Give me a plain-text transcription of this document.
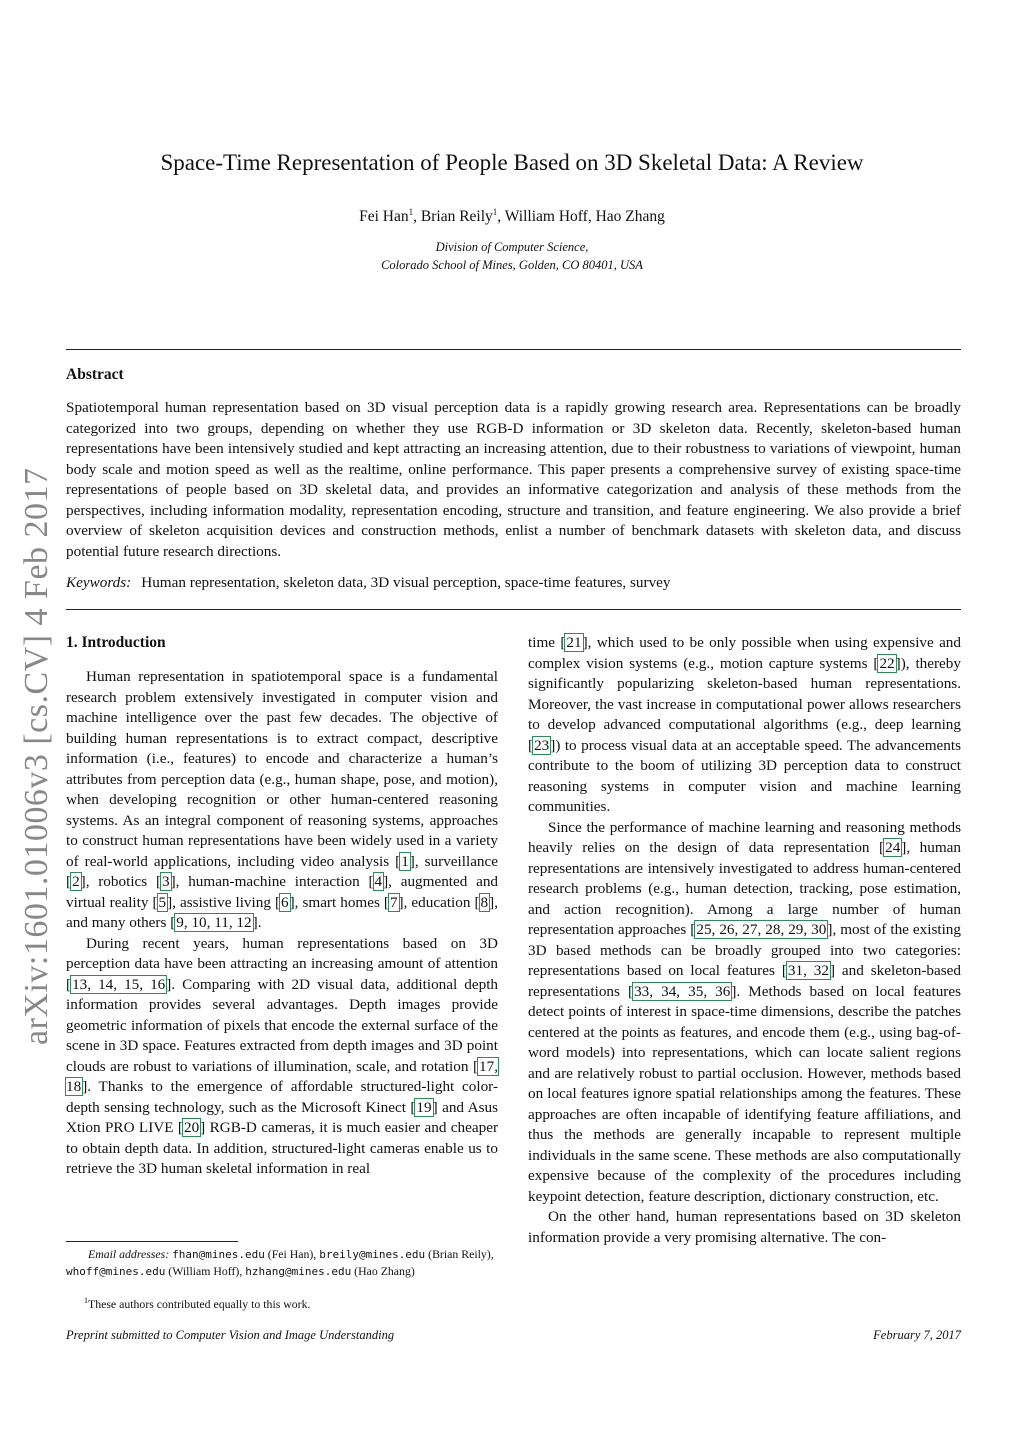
arXiv:1601.01006v3 [cs.CV] 4 Feb 2017
Space-Time Representation of People Based on 3D Skeletal Data: A Review
Fei Han$^1$, Brian Reily$^1$, William Hoff, Hao Zhang
Division of Computer Science,
Colorado School of Mines, Golden, CO 80401, USA
Abstract
Spatiotemporal human representation based on 3D visual perception data is a rapidly growing research area. Representations can be broadly categorized into two groups, depending on whether they use RGB-D information or 3D skeleton data. Recently, skeleton-based human representations have been intensively studied and kept attracting an increasing attention, due to their robustness to variations of viewpoint, human body scale and motion speed as well as the realtime, online performance. This paper presents a comprehensive survey of existing space-time representations of people based on 3D skeletal data, and provides an informative categorization and analysis of these methods from the perspectives, including information modality, representation encoding, structure and transition, and feature engineering. We also provide a brief overview of skeleton acquisition devices and construction methods, enlist a number of benchmark datasets with skeleton data, and discuss potential future research directions.
Keywords: Human representation, skeleton data, 3D visual perception, space-time features, survey
1. Introduction

Human representation in spatiotemporal space is a fundamental research problem extensively investigated in computer vision and machine intelligence over the past few decades. The objective of building human representations is to extract compact, descriptive information (i.e., features) to encode and characterize a human’s attributes from perception data (e.g., human shape, pose, and motion), when developing recognition or other human-centered reasoning systems. As an integral component of reasoning systems, approaches to construct human representations have been widely used in a variety of real-world applications, including video analysis [1], surveillance [2], robotics [3], human-machine interaction [4], augmented and virtual reality [5], assistive living [6], smart homes [7], education [8], and many others [9, 10, 11, 12].

During recent years, human representations based on 3D perception data have been attracting an increasing amount of attention [13, 14, 15, 16]. Comparing with 2D visual data, additional depth information provides several advantages. Depth images provide geometric information of pixels that encode the external surface of the scene in 3D space. Features extracted from depth images and 3D point clouds are robust to variations of illumination, scale, and rotation [17, 18]. Thanks to the emergence of affordable structured-light color-depth sensing technology, such as the Microsoft Kinect [19] and Asus Xtion PRO LIVE [20] RGB-D cameras, it is much easier and cheaper to obtain depth data. In addition, structured-light cameras enable us to retrieve the 3D human skeletal information in real

Email addresses: fhan@mines.edu (Fei Han), breily@mines.edu (Brian Reily), whoff@mines.edu (William Hoff), hzhang@mines.edu (Hao Zhang)
$^1$These authors contributed equally to this work.

time [21], which used to be only possible when using expensive and complex vision systems (e.g., motion capture systems [22]), thereby significantly popularizing skeleton-based human representations. Moreover, the vast increase in computational power allows researchers to develop advanced computational algorithms (e.g., deep learning [23]) to process visual data at an acceptable speed. The advancements contribute to the boom of utilizing 3D perception data to construct reasoning systems in computer vision and machine learning communities.

Since the performance of machine learning and reasoning methods heavily relies on the design of data representation [24], human representations are intensively investigated to address human-centered research problems (e.g., human detection, tracking, pose estimation, and action recognition). Among a large number of human representation approaches [25, 26, 27, 28, 29, 30], most of the existing 3D based methods can be broadly grouped into two categories: representations based on local features [31, 32] and skeleton-based representations [33, 34, 35, 36]. Methods based on local features detect points of interest in space-time dimensions, describe the patches centered at the points as features, and encode them (e.g., using bag-of-word models) into representations, which can locate salient regions and are relatively robust to partial occlusion. However, methods based on local features ignore spatial relationships among the features. These approaches are often incapable of identifying feature affiliations, and thus the methods are generally incapable to represent multiple individuals in the same scene. These methods are also computationally expensive because of the complexity of the procedures including keypoint detection, feature description, dictionary construction, etc.

On the other hand, human representations based on 3D skeleton information provide a very promising alternative. The con-

Preprint submitted to Computer Vision and Image Understanding	February 7, 2017
